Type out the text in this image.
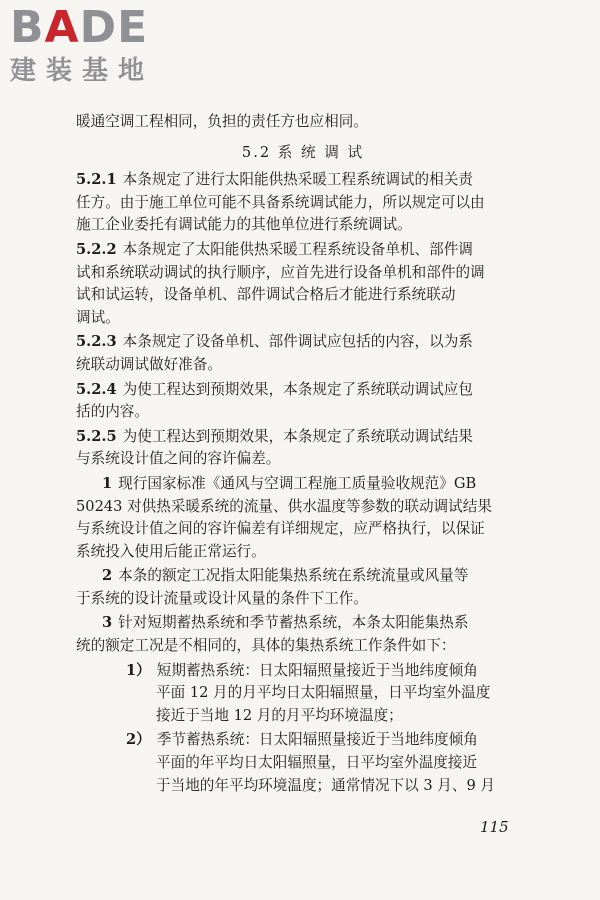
BADE
建装基地
暖通空调工程相同，负担的责任方也应相同。
5.2 系 统 调 试
5.2.1 本条规定了进行太阳能供热采暖工程系统调试的相关责
任方。由于施工单位可能不具备系统调试能力，所以规定可以由
施工企业委托有调试能力的其他单位进行系统调试。
5.2.2 本条规定了太阳能供热采暖工程系统设备单机、部件调
试和系统联动调试的执行顺序，应首先进行设备单机和部件的调
试和试运转，设备单机、部件调试合格后才能进行系统联动
调试。
5.2.3 本条规定了设备单机、部件调试应包括的内容，以为系
统联动调试做好准备。
5.2.4 为使工程达到预期效果，本条规定了系统联动调试应包
括的内容。
5.2.5 为使工程达到预期效果，本条规定了系统联动调试结果
与系统设计值之间的容许偏差。
1 现行国家标准《通风与空调工程施工质量验收规范》GB
50243 对供热采暖系统的流量、供水温度等参数的联动调试结果
与系统设计值之间的容许偏差有详细规定，应严格执行，以保证
系统投入使用后能正常运行。
2 本条的额定工况指太阳能集热系统在系统流量或风量等
于系统的设计流量或设计风量的条件下工作。
3 针对短期蓄热系统和季节蓄热系统，本条太阳能集热系
统的额定工况是不相同的，具体的集热系统工作条件如下：
1） 短期蓄热系统：日太阳辐照量接近于当地纬度倾角
平面 12 月的月平均日太阳辐照量，日平均室外温度
接近于当地 12 月的月平均环境温度；
2） 季节蓄热系统：日太阳辐照量接近于当地纬度倾角
平面的年平均日太阳辐照量，日平均室外温度接近
于当地的年平均环境温度；通常情况下以 3 月、9 月
115
